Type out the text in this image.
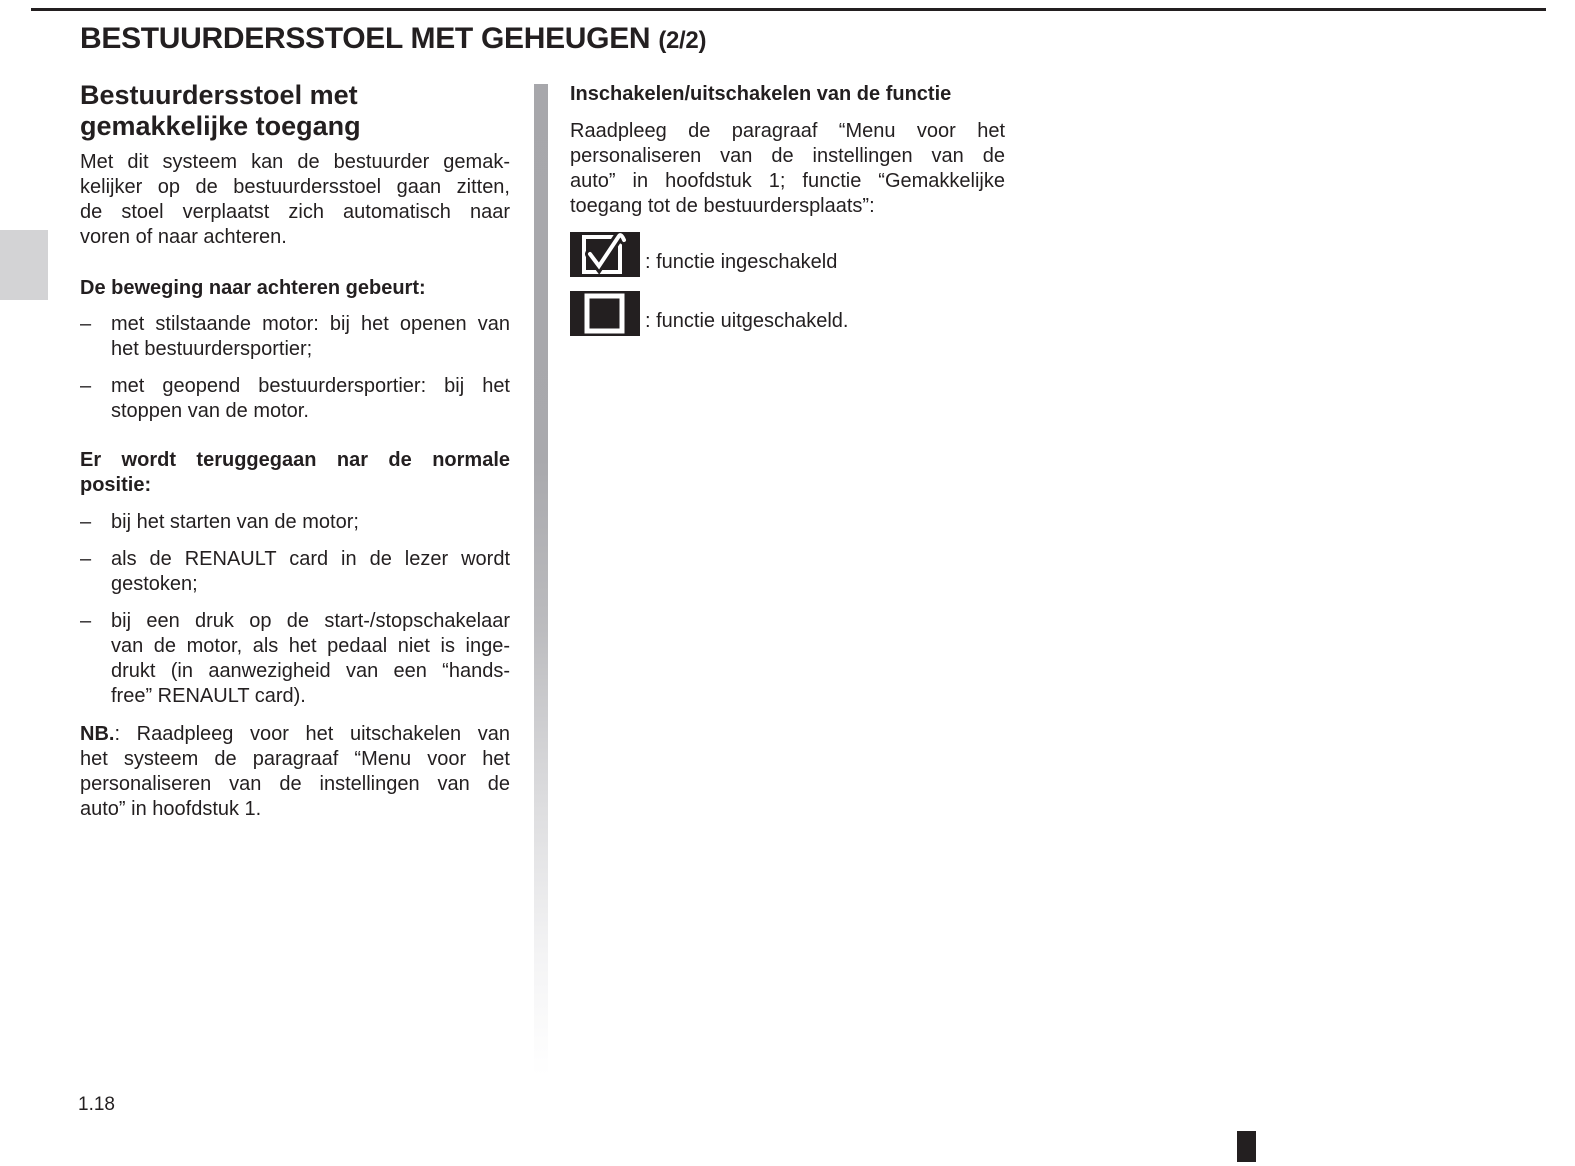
BESTUURDERSSTOEL MET GEHEUGEN (2/2)
Bestuurdersstoel met
gemakkelijke toegang
Met dit systeem kan de bestuurder gemak-
kelijker op de bestuurdersstoel gaan zitten,
de stoel verplaatst zich automatisch naar
voren of naar achteren.
De beweging naar achteren gebeurt:
– met stilstaande motor: bij het openen van
het bestuurdersportier;
– met geopend bestuurdersportier: bij het
stoppen van de motor.
Er wordt teruggegaan nar de normale
positie:
– bij het starten van de motor;
– als de RENAULT card in de lezer wordt
gestoken;
– bij een druk op de start-/stopschakelaar
van de motor, als het pedaal niet is inge-
drukt (in aanwezigheid van een “hands-
free” RENAULT card).
NB.: Raadpleeg voor het uitschakelen van
het systeem de paragraaf “Menu voor het
personaliseren van de instellingen van de
auto” in hoofdstuk 1.
Inschakelen/uitschakelen van de functie
Raadpleeg de paragraaf “Menu voor het
personaliseren van de instellingen van de
auto” in hoofdstuk 1; functie “Gemakkelijke
toegang tot de bestuurdersplaats”:
: functie ingeschakeld
: functie uitgeschakeld.
1.18
